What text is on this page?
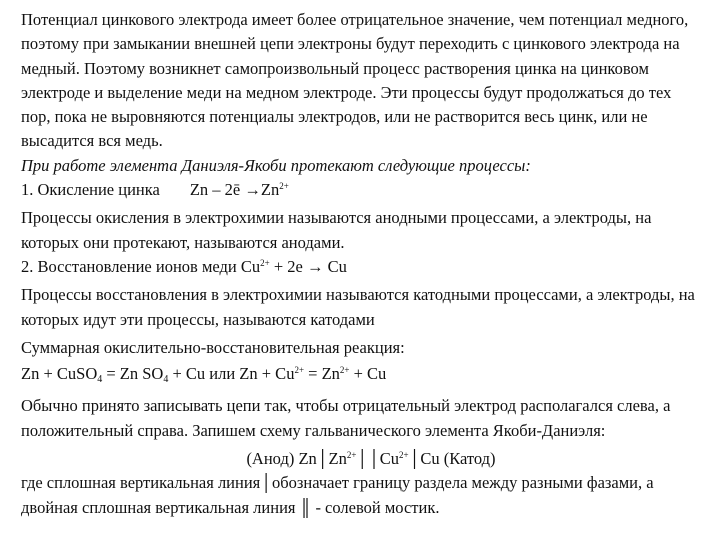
Потенциал цинкового электрода имеет более отрицательное значение, чем потенциал медного, поэтому при замыкании внешней цепи электроны будут переходить с цинкового электрода на медный. Поэтому возникнет самопроизвольный процесс растворения цинка на цинковом электроде и выделение меди на медном электроде. Эти процессы будут продолжаться до тех пор, пока не выровняются потенциалы электродов, или не растворится весь цинк, или не высадится вся медь.

При работе элемента Даниэля-Якоби протекают следующие процессы:

1. Окисление цинка Zn – 2ē $\to Zn^{2+}$

Процессы окисления в электрохимии называются анодными процессами, а электроды, на которых они протекают, называются анодами.

2. Восстановление ионов меди $Cu^{2+} + 2е \to Cu$

Процессы восстановления в электрохимии называются катодными процессами, а электроды, на которых идут эти процессы, называются катодами

Суммарная окислительно-восстановительная реакция:

Zn + CuSO$_4$ = Zn $SO_4 + Cu$ или $Zn + Cu^{2+} = Zn^{2+} + Cu$

Обычно принято записывать цепи так, чтобы отрицательный электрод располагался слева, а положительный справа. Запишем схему гальванического элемента Якоби-Даниэля:

(Анод) $Zn│Zn^{2+}││Cu^{2+}│Cu$ (Катод)

где сплошная вертикальная линия│обозначает границу раздела между разными фазами, а двойная сплошная вертикальная линия ║ - солевой мостик.
